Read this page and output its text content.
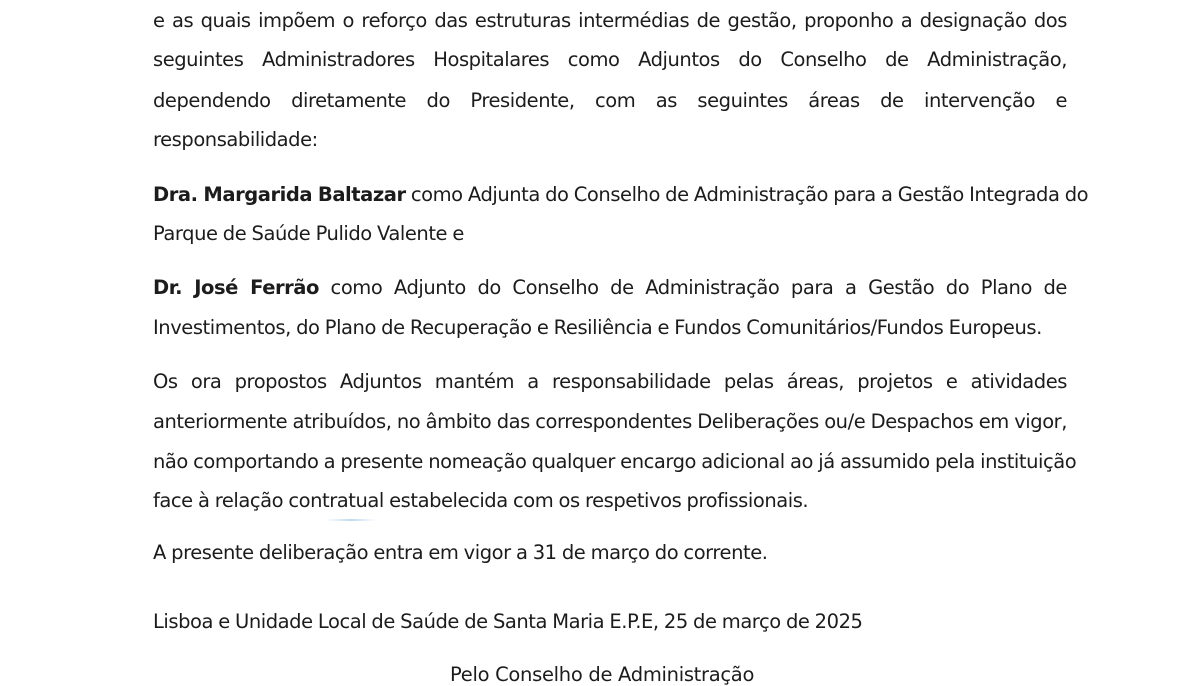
e as quais impõem o reforço das estruturas intermédias de gestão, proponho a designação dos
seguintes Administradores Hospitalares como Adjuntos do Conselho de Administração,
dependendo diretamente do Presidente, com as seguintes áreas de intervenção e
responsabilidade:
Dra. Margarida Baltazar como Adjunta do Conselho de Administração para a Gestão Integrada do
Parque de Saúde Pulido Valente e
Dr. José Ferrão como Adjunto do Conselho de Administração para a Gestão do Plano de
Investimentos, do Plano de Recuperação e Resiliência e Fundos Comunitários/Fundos Europeus.
Os ora propostos Adjuntos mantém a responsabilidade pelas áreas, projetos e atividades
anteriormente atribuídos, no âmbito das correspondentes Deliberações ou/e Despachos em vigor,
não comportando a presente nomeação qualquer encargo adicional ao já assumido pela instituição
face à relação contratual estabelecida com os respetivos profissionais.
A presente deliberação entra em vigor a 31 de março do corrente.
Lisboa e Unidade Local de Saúde de Santa Maria E.P.E, 25 de março de 2025
Pelo Conselho de Administração
